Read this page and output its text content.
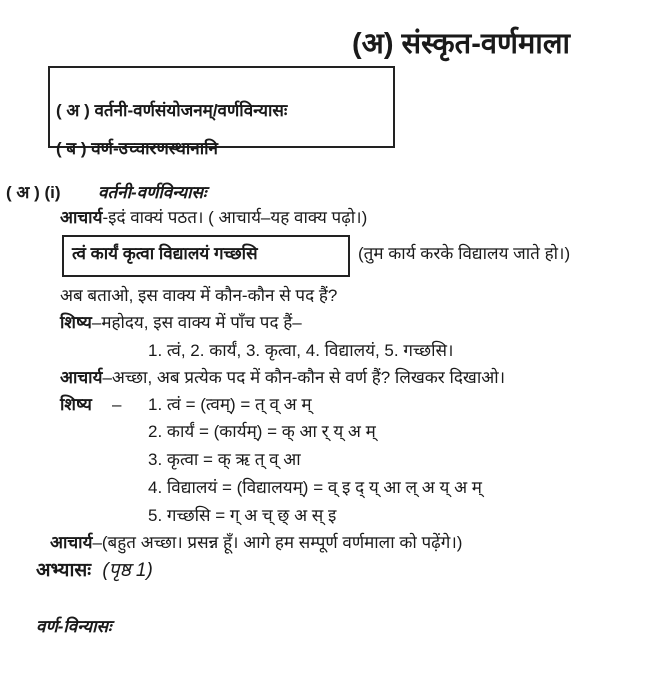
(अ) संस्कृत-वर्णमाला
( अ ) वर्तनी-वर्णसंयोजनम्/वर्णविन्यासः
( ब ) वर्ण-उच्चारणस्थानानि
( अ ) (i) वर्तनी-वर्णविन्यासः
आचार्य-इदं वाक्यं पठत। ( आचार्य–यह वाक्य पढ़ो।)
त्वं कार्यं कृत्वा विद्यालयं गच्छसि	(तुम कार्य करके विद्यालय जाते हो।)
अब बताओ, इस वाक्य में कौन-कौन से पद हैं?
शिष्य–महोदय, इस वाक्य में पाँच पद हैं–
1. त्वं, 2. कार्यं, 3. कृत्वा, 4. विद्यालयं, 5. गच्छसि।
आचार्य–अच्छा, अब प्रत्येक पद में कौन-कौन से वर्ण हैं? लिखकर दिखाओ।
शिष्य – 1. त्वं = (त्वम्) = त् व् अ म्
2. कार्यं = (कार्यम्) = क् आ र् य् अ म्
3. कृत्वा = क् ऋ त् व् आ
4. विद्यालयं = (विद्यालयम्) = व् इ द् य् आ ल् अ य् अ म्
5. गच्छसि = ग् अ च् छ् अ स् इ
आचार्य–(बहुत अच्छा। प्रसन्न हूँ। आगे हम सम्पूर्ण वर्णमाला को पढ़ेंगे।)
अभ्यासः (पृष्ठ 1)
वर्ण-विन्यासः
